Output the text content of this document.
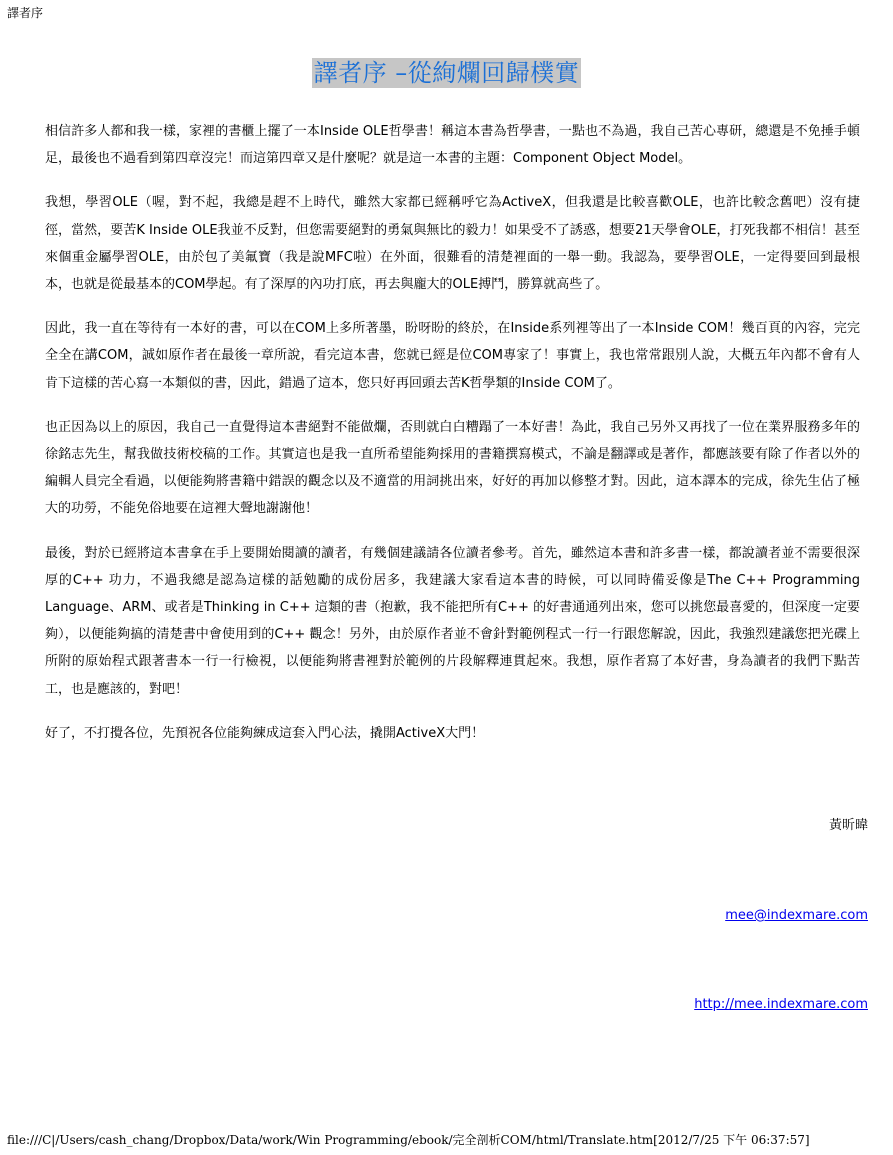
譯者序
譯者序 –從絢爛回歸樸實

相信許多人都和我一樣，家裡的書櫃上擺了一本Inside OLE哲學書！稱這本書為哲學書，一點也不為過，我自己苦心專研，總還是不免捶手頓足，最後也不過看到第四章沒完！而這第四章又是什麼呢？就是這一本書的主題：Component Object Model。

我想，學習OLE（喔，對不起，我總是趕不上時代，雖然大家都已經稱呼它為ActiveX，但我還是比較喜歡OLE，也許比較念舊吧）沒有捷徑，當然，要苦K Inside OLE我並不反對，但您需要絕對的勇氣與無比的毅力！如果受不了誘惑，想要21天學會OLE，打死我都不相信！甚至來個重金屬學習OLE，由於包了美氟寶（我是說MFC啦）在外面，很難看的清楚裡面的一舉一動。我認為，要學習OLE，一定得要回到最根本，也就是從最基本的COM學起。有了深厚的內功打底，再去與龐大的OLE搏鬥，勝算就高些了。

因此，我一直在等待有一本好的書，可以在COM上多所著墨，盼呀盼的終於，在Inside系列裡等出了一本Inside COM！幾百頁的內容，完完全全在講COM，誠如原作者在最後一章所說，看完這本書，您就已經是位COM專家了！事實上，我也常常跟別人說，大概五年內都不會有人肯下這樣的苦心寫一本類似的書，因此，錯過了這本，您只好再回頭去苦K哲學類的Inside COM了。

也正因為以上的原因，我自己一直覺得這本書絕對不能做爛，否則就白白糟蹋了一本好書！為此，我自己另外又再找了一位在業界服務多年的徐銘志先生，幫我做技術校稿的工作。其實這也是我一直所希望能夠採用的書籍撰寫模式，不論是翻譯或是著作，都應該要有除了作者以外的編輯人員完全看過，以便能夠將書籍中錯誤的觀念以及不適當的用詞挑出來，好好的再加以修整才對。因此，這本譯本的完成，徐先生佔了極大的功勞，不能免俗地要在這裡大聲地謝謝他！

最後，對於已經將這本書拿在手上要開始閱讀的讀者，有幾個建議請各位讀者參考。首先，雖然這本書和許多書一樣，都說讀者並不需要很深厚的C++ 功力，不過我總是認為這樣的話勉勵的成份居多，我建議大家看這本書的時候，可以同時備妥像是The C++ Programming Language、ARM、或者是Thinking in C++ 這類的書（抱歉，我不能把所有C++ 的好書通通列出來，您可以挑您最喜愛的，但深度一定要夠），以便能夠搞的清楚書中會使用到的C++ 觀念！另外，由於原作者並不會針對範例程式一行一行跟您解說，因此，我強烈建議您把光碟上所附的原始程式跟著書本一行一行檢視，以便能夠將書裡對於範例的片段解釋連貫起來。我想，原作者寫了本好書，身為讀者的我們下點苦工，也是應該的，對吧！

好了，不打攪各位，先預祝各位能夠練成這套入門心法，撬開ActiveX大門！

黃昕暐
mee@indexmare.com
http://mee.indexmare.com
file:///C|/Users/cash_chang/Dropbox/Data/work/Win Programming/ebook/完全剖析COM/html/Translate.htm[2012/7/25 下午 06:37:57]
